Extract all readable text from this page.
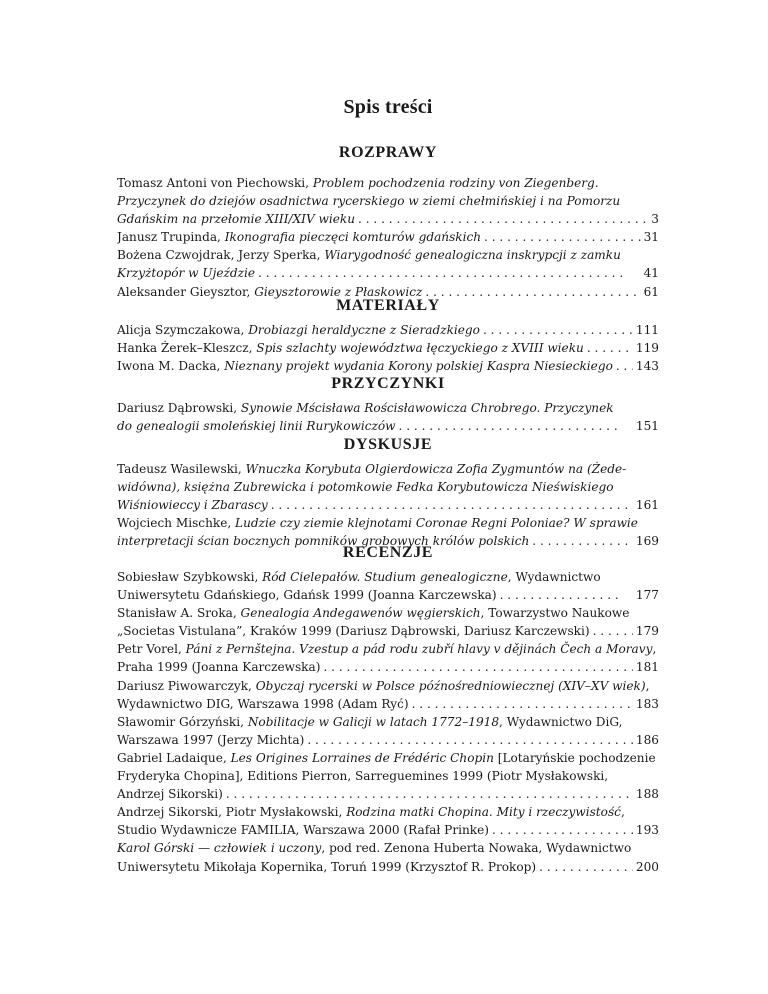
Spis treści
ROZPRAWY
Tomasz Antoni von Piechowski, Problem pochodzenia rodziny von Ziegenberg.
Przyczynek do dziejów osadnictwa rycerskiego w ziemi chełmińskiej i na Pomorzu
Gdańskim na przełomie XIII/XIV wieku . . .	3
Janusz Trupinda, Ikonografia pieczęci komturów gdańskich . . .	31
Bożena Czwojdrak, Jerzy Sperka, Wiarygodność genealogiczna inskrypcji z zamku
Krzyżtopór w Ujeździe . . .	41
Aleksander Gieysztor, Gieysztorowie z Płaskowicz . . .	61
MATERIAŁY
Alicja Szymczakowa, Drobiazgi heraldyczne z Sieradzkiego . . .	111
Hanka Żerek–Kleszcz, Spis szlachty województwa łęczyckiego z XVIII wieku . . .	119
Iwona M. Dacka, Nieznany projekt wydania Korony polskiej Kaspra Niesieckiego . . . 143
PRZYCZYNKI
Dariusz Dąbrowski, Synowie Mścisława Rościsławowicza Chrobrego. Przyczynek
do genealogii smoleńskiej linii Rurykowiczów . . .	151
DYSKUSJE
Tadeusz Wasilewski, Wnuczka Korybuta Olgierdowicza Zofia Zygmuntów na (Żede-
widówna), księżna Zubrewicka i potomkowie Fedka Korybutowicza Nieświskiego
Wiśniowieccy i Zbarascy . . .	161
Wojciech Mischke, Ludzie czy ziemie klejnotami Coronae Regni Poloniae? W sprawie
interpretacji ścian bocznych pomników grobowych królów polskich . . .	169
RECENZJE
Sobiesław Szybkowski, Ród Cielepałów. Studium genealogiczne, Wydawnictwo
Uniwersytetu Gdańskiego, Gdańsk 1999 (Joanna Karczewska) . . .	177
Stanisław A. Sroka, Genealogia Andegawenów węgierskich, Towarzystwo Naukowe
„Societas Vistulana”, Kraków 1999 (Dariusz Dąbrowski, Dariusz Karczewski) . . .	179
Petr Vorel, Páni z Pernštejna. Vzestup a pád rodu zubří hlavy v dějinách Čech a Moravy,
Praha 1999 (Joanna Karczewska) . . .	181
Dariusz Piwowarczyk, Obyczaj rycerski w Polsce późnośredniowiecznej (XIV–XV wiek),
Wydawnictwo DIG, Warszawa 1998 (Adam Ryć) . . .	183
Sławomir Górzyński, Nobilitacje w Galicji w latach 1772–1918, Wydawnictwo DiG,
Warszawa 1997 (Jerzy Michta) . . .	186
Gabriel Ladaique, Les Origines Lorraines de Frédéric Chopin [Lotaryńskie pochodzenie
Fryderyka Chopina], Editions Pierron, Sarreguemines 1999 (Piotr Mysłakowski,
Andrzej Sikorski) . . .	188
Andrzej Sikorski, Piotr Mysłakowski, Rodzina matki Chopina. Mity i rzeczywistość,
Studio Wydawnicze FAMILIA, Warszawa 2000 (Rafał Prinke) . . .	193
Karol Górski — człowiek i uczony, pod red. Zenona Huberta Nowaka, Wydawnictwo
Uniwersytetu Mikołaja Kopernika, Toruń 1999 (Krzysztof R. Prokop) . . .	200
